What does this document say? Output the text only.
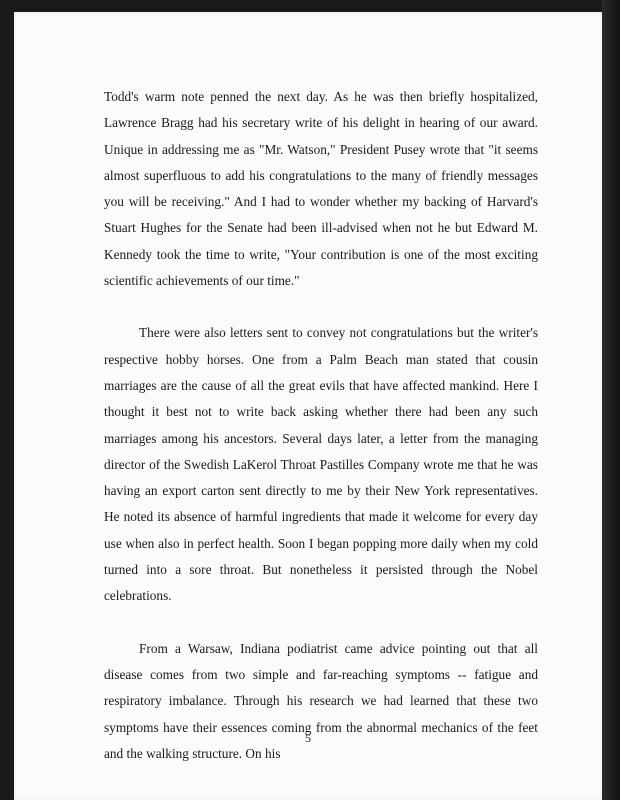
Todd's warm note penned the next day. As he was then briefly hospitalized, Lawrence Bragg had his secretary write of his delight in hearing of our award. Unique in addressing me as "Mr. Watson," President Pusey wrote that "it seems almost superfluous to add his congratulations to the many of friendly messages you will be receiving." And I had to wonder whether my backing of Harvard's Stuart Hughes for the Senate had been ill-advised when not he but Edward M. Kennedy took the time to write, "Your contribution is one of the most exciting scientific achievements of our time."

There were also letters sent to convey not congratulations but the writer's respective hobby horses. One from a Palm Beach man stated that cousin marriages are the cause of all the great evils that have affected mankind. Here I thought it best not to write back asking whether there had been any such marriages among his ancestors. Several days later, a letter from the managing director of the Swedish LaKerol Throat Pastilles Company wrote me that he was having an export carton sent directly to me by their New York representatives. He noted its absence of harmful ingredients that made it welcome for every day use when also in perfect health. Soon I began popping more daily when my cold turned into a sore throat. But nonetheless it persisted through the Nobel celebrations.

From a Warsaw, Indiana podiatrist came advice pointing out that all disease comes from two simple and far-reaching symptoms -- fatigue and respiratory imbalance. Through his research we had learned that these two symptoms have their essences coming from the abnormal mechanics of the feet and the walking structure. On his

5
